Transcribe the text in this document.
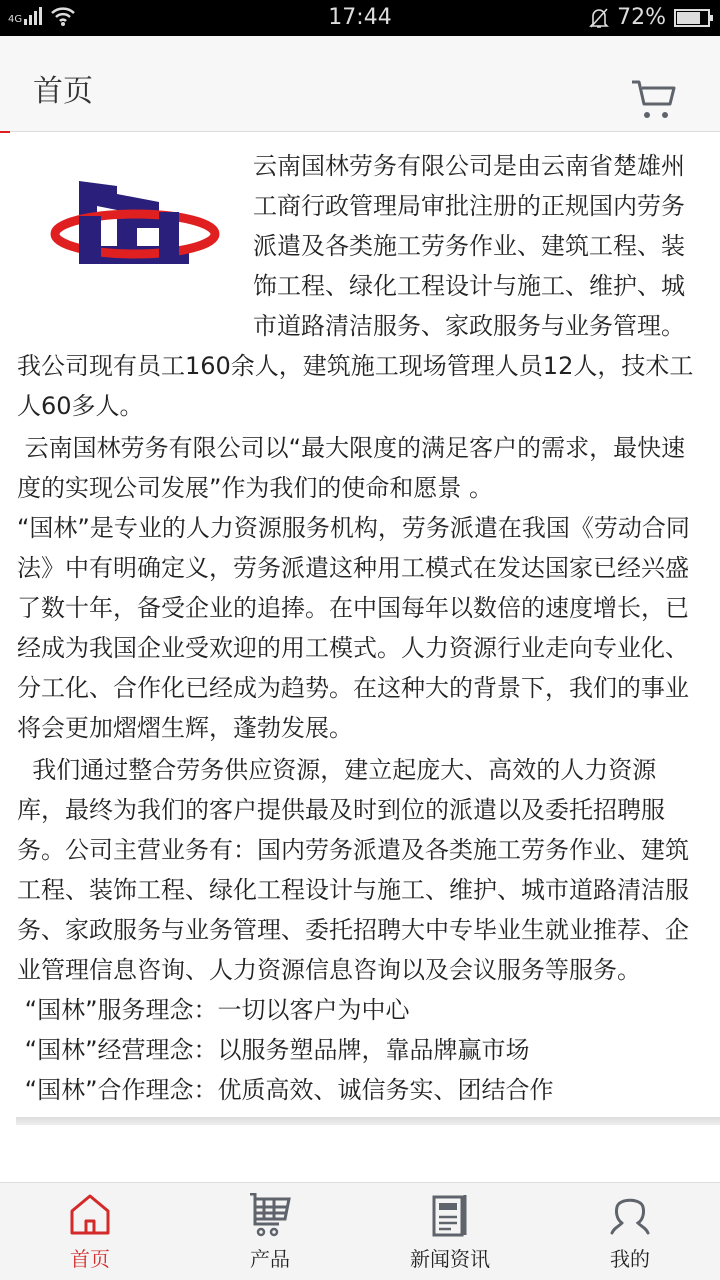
4G	17:44	72%
首页

云南国林劳务有限公司是由云南省楚雄州工商行政管理局审批注册的正规国内劳务派遣及各类施工劳务作业、建筑工程、装饰工程、绿化工程设计与施工、维护、城市道路清洁服务、家政服务与业务管理。我公司现有员工160余人，建筑施工现场管理人员12人，技术工人60多人。

云南国林劳务有限公司以“最大限度的满足客户的需求，最快速度的实现公司发展”作为我们的使命和愿景 。

“国林”是专业的人力资源服务机构，劳务派遣在我国《劳动合同法》中有明确定义，劳务派遣这种用工模式在发达国家已经兴盛了数十年，备受企业的追捧。在中国每年以数倍的速度增长，已经成为我国企业受欢迎的用工模式。人力资源行业走向专业化、分工化、合作化已经成为趋势。在这种大的背景下，我们的事业将会更加熠熠生辉，蓬勃发展。

我们通过整合劳务供应资源，建立起庞大、高效的人力资源库，最终为我们的客户提供最及时到位的派遣以及委托招聘服务。公司主营业务有：国内劳务派遣及各类施工劳务作业、建筑工程、装饰工程、绿化工程设计与施工、维护、城市道路清洁服务、家政服务与业务管理、委托招聘大中专毕业生就业推荐、企业管理信息咨询、人力资源信息咨询以及会议服务等服务。

“国林”服务理念：一切以客户为中心

“国林”经营理念：以服务塑品牌，靠品牌赢市场

“国林”合作理念：优质高效、诚信务实、团结合作

首页	产品	新闻资讯	我的
